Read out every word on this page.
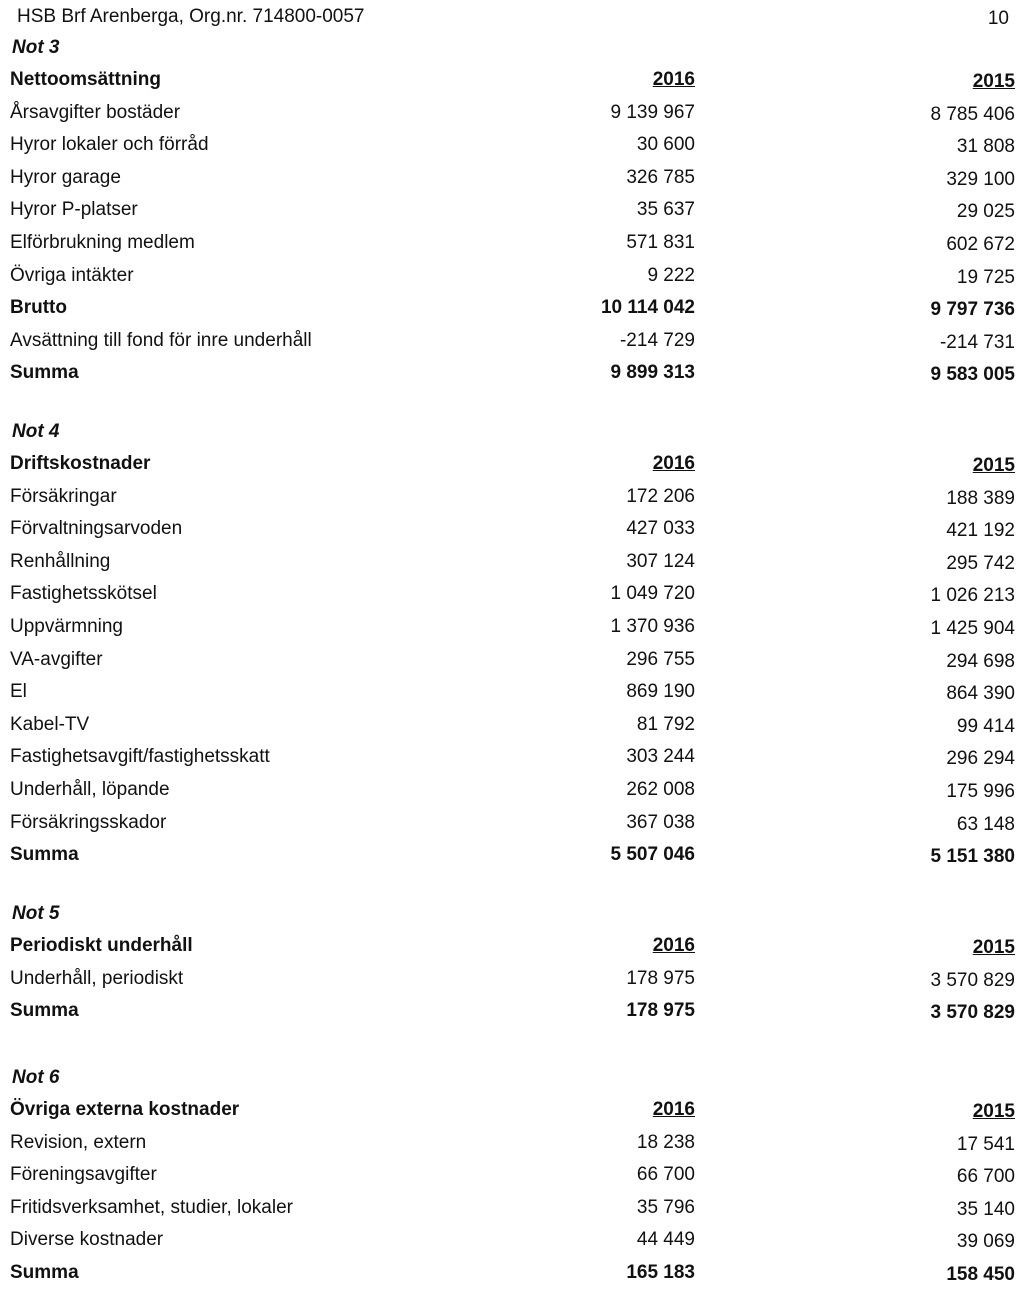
HSB Brf Arenberga, Org.nr. 714800-0057	10
Not 3
Nettoomsättning	2016	2015
Årsavgifter bostäder	9 139 967	8 785 406
Hyror lokaler och förråd	30 600	31 808
Hyror garage	326 785	329 100
Hyror P-platser	35 637	29 025
Elförbrukning medlem	571 831	602 672
Övriga intäkter	9 222	19 725
Brutto	10 114 042	9 797 736
Avsättning till fond för inre underhåll	-214 729	-214 731
Summa	9 899 313	9 583 005
Not 4
Driftskostnader	2016	2015
Försäkringar	172 206	188 389
Förvaltningsarvoden	427 033	421 192
Renhållning	307 124	295 742
Fastighetsskötsel	1 049 720	1 026 213
Uppvärmning	1 370 936	1 425 904
VA-avgifter	296 755	294 698
El	869 190	864 390
Kabel-TV	81 792	99 414
Fastighetsavgift/fastighetsskatt	303 244	296 294
Underhåll, löpande	262 008	175 996
Försäkringsskador	367 038	63 148
Summa	5 507 046	5 151 380
Not 5
Periodiskt underhåll	2016	2015
Underhåll, periodiskt	178 975	3 570 829
Summa	178 975	3 570 829
Not 6
Övriga externa kostnader	2016	2015
Revision, extern	18 238	17 541
Föreningsavgifter	66 700	66 700
Fritidsverksamhet, studier, lokaler	35 796	35 140
Diverse kostnader	44 449	39 069
Summa	165 183	158 450
